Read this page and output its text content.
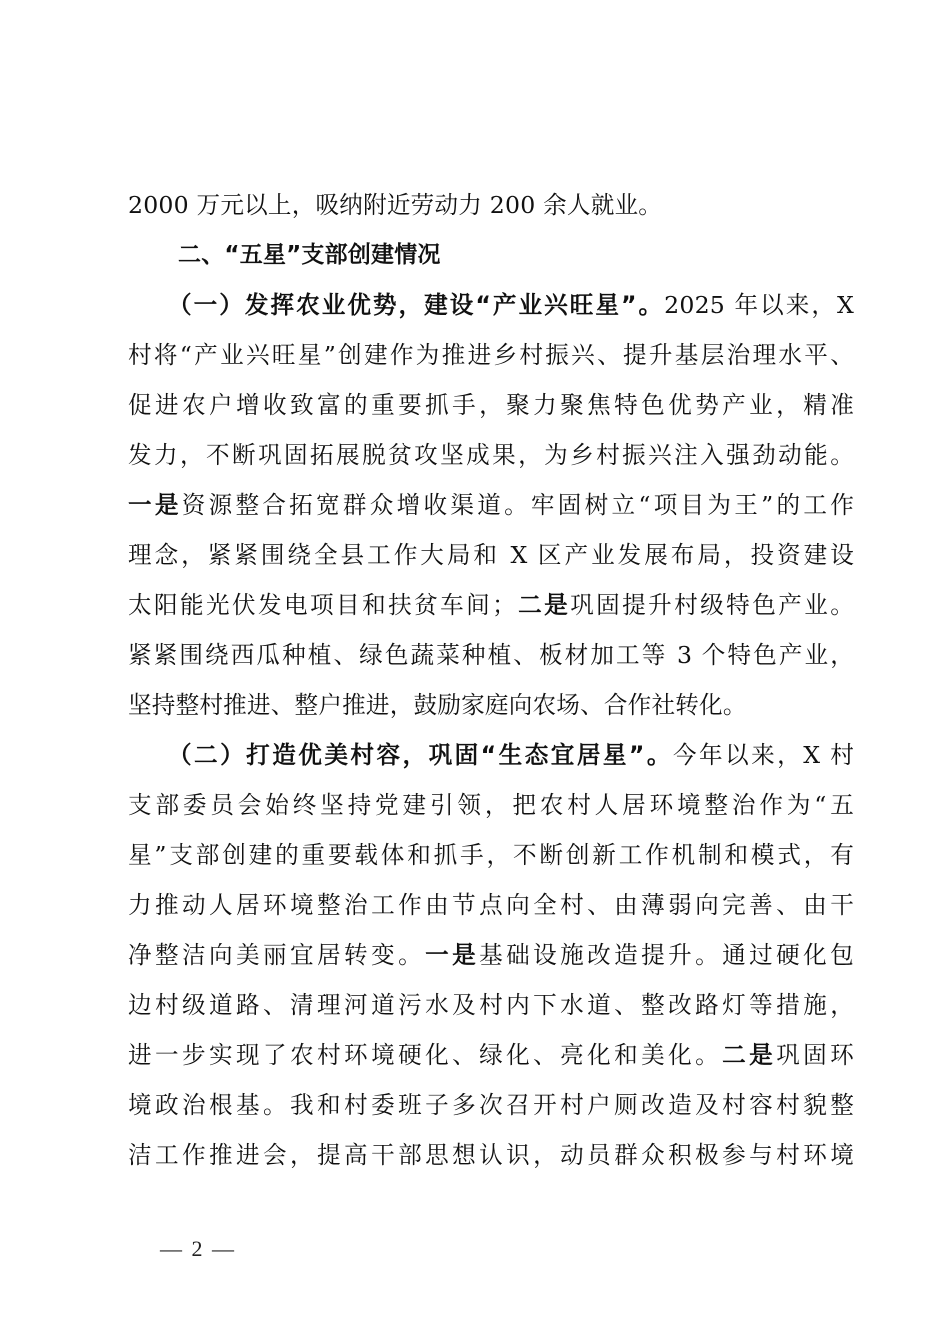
2000 万元以上，吸纳附近劳动力 200 余人就业。
二、“五星”支部创建情况
（一）发挥农业优势，建设“产业兴旺星”。2025 年以来，X
村将“产业兴旺星”创建作为推进乡村振兴、提升基层治理水平、
促进农户增收致富的重要抓手，聚力聚焦特色优势产业，精准
发力，不断巩固拓展脱贫攻坚成果，为乡村振兴注入强劲动能。
一是资源整合拓宽群众增收渠道。牢固树立“项目为王”的工作
理念，紧紧围绕全县工作大局和 X 区产业发展布局，投资建设
太阳能光伏发电项目和扶贫车间；二是巩固提升村级特色产业。
紧紧围绕西瓜种植、绿色蔬菜种植、板材加工等 3 个特色产业，
坚持整村推进、整户推进，鼓励家庭向农场、合作社转化。
（二）打造优美村容，巩固“生态宜居星”。今年以来，X 村
支部委员会始终坚持党建引领，把农村人居环境整治作为“五
星”支部创建的重要载体和抓手，不断创新工作机制和模式，有
力推动人居环境整治工作由节点向全村、由薄弱向完善、由干
净整洁向美丽宜居转变。一是基础设施改造提升。通过硬化包
边村级道路、清理河道污水及村内下水道、整改路灯等措施，
进一步实现了农村环境硬化、绿化、亮化和美化。二是巩固环
境政治根基。我和村委班子多次召开村户厕改造及村容村貌整
洁工作推进会，提高干部思想认识，动员群众积极参与村环境
— 2 —
